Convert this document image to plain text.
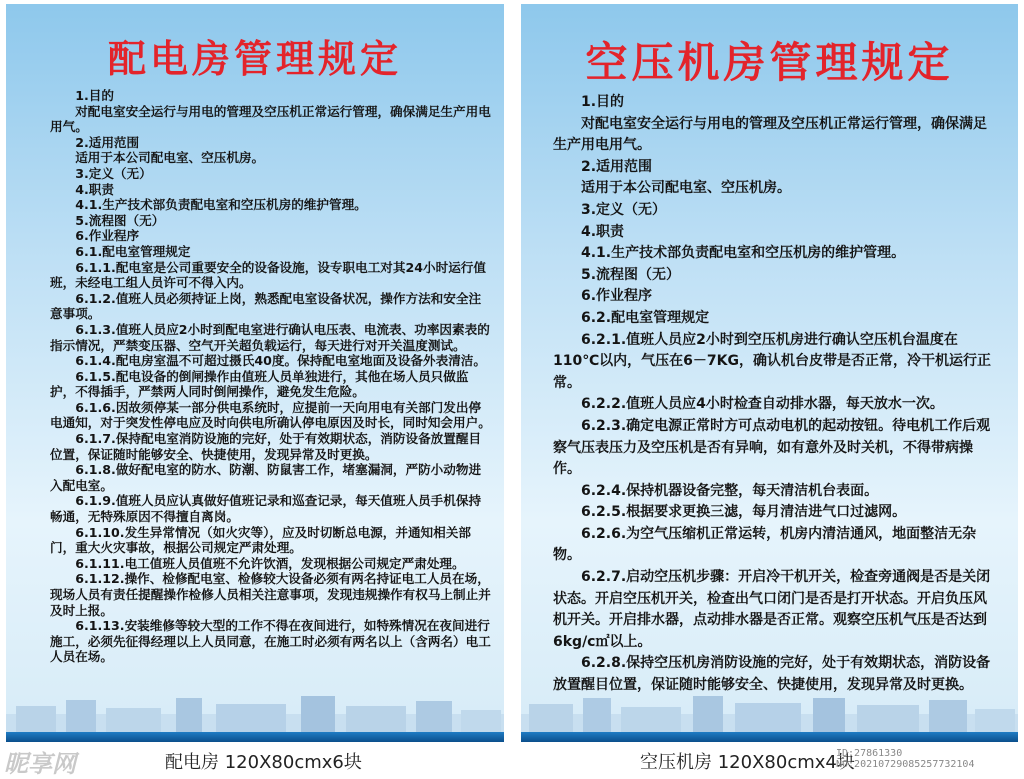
配电房管理规定
1.目的
对配电室安全运行与用电的管理及空压机正常运行管理，确保满足生产用电用气。
2.适用范围
适用于本公司配电室、空压机房。
3.定义（无）
4.职责
4.1.生产技术部负责配电室和空压机房的维护管理。
5.流程图（无）
6.作业程序
6.1.配电室管理规定
6.1.1.配电室是公司重要安全的设备设施，设专职电工对其24小时运行值班，未经电工组人员许可不得入内。
6.1.2.值班人员必须持证上岗，熟悉配电室设备状况，操作方法和安全注意事项。
6.1.3.值班人员应2小时到配电室进行确认电压表、电流表、功率因素表的指示情况，严禁变压器、空气开关超负载运行，每天进行对开关温度测试。
6.1.4.配电房室温不可超过摄氏40度。保持配电室地面及设备外表清洁。
6.1.5.配电设备的倒闸操作由值班人员单独进行，其他在场人员只做监护，不得插手，严禁两人同时倒闸操作，避免发生危险。
6.1.6.因故须停某一部分供电系统时，应提前一天向用电有关部门发出停电通知，对于突发性停电应及时向供电所确认停电原因及时长，同时知会用户。
6.1.7.保持配电室消防设施的完好，处于有效期状态，消防设备放置醒目位置，保证随时能够安全、快捷使用，发现异常及时更换。
6.1.8.做好配电室的防水、防潮、防鼠害工作，堵塞漏洞，严防小动物进入配电室。
6.1.9.值班人员应认真做好值班记录和巡查记录，每天值班人员手机保持畅通，无特殊原因不得擅自离岗。
6.1.10.发生异常情况（如火灾等），应及时切断总电源，并通知相关部门，重大火灾事故，根据公司规定严肃处理。
6.1.11.电工值班人员值班不允许饮酒，发现根据公司规定严肃处理。
6.1.12.操作、检修配电室、检修较大设备必须有两名持证电工人员在场，现场人员有责任提醒操作检修人员相关注意事项，发现违规操作有权马上制止并及时上报。
6.1.13.安装维修等较大型的工作不得在夜间进行，如特殊情况在夜间进行施工，必须先征得经理以上人员同意，在施工时必须有两名以上（含两名）电工人员在场。
空压机房管理规定
1.目的
对配电室安全运行与用电的管理及空压机正常运行管理，确保满足生产用电用气。
2.适用范围
适用于本公司配电室、空压机房。
3.定义（无）
4.职责
4.1.生产技术部负责配电室和空压机房的维护管理。
5.流程图（无）
6.作业程序
6.2.配电室管理规定
6.2.1.值班人员应2小时到空压机房进行确认空压机台温度在110℃以内，气压在6－7KG，确认机台皮带是否正常，冷干机运行正常。
6.2.2.值班人员应4小时检查自动排水器，每天放水一次。
6.2.3.确定电源正常时方可点动电机的起动按钮。待电机工作后观察气压表压力及空压机是否有异响，如有意外及时关机，不得带病操作。
6.2.4.保持机器设备完整，每天清洁机台表面。
6.2.5.根据要求更换三滤，每月清洁进气口过滤网。
6.2.6.为空气压缩机正常运转，机房内清洁通风，地面整洁无杂物。
6.2.7.启动空压机步骤：开启冷干机开关，检查旁通阀是否是关闭状态。开启空压机开关，检查出气口闭门是否是打开状态。开启负压风机开关。开启排水器，点动排水器是否正常。观察空压机气压是否达到6kg/c㎡以上。
6.2.8.保持空压机房消防设施的完好，处于有效期状态，消防设备放置醒目位置，保证随时能够安全、快捷使用，发现异常及时更换。
昵享网	配电房 120X80cmx6块	空压机房 120X80cmx4块
ID:27861330 NO:20210729085257732104
